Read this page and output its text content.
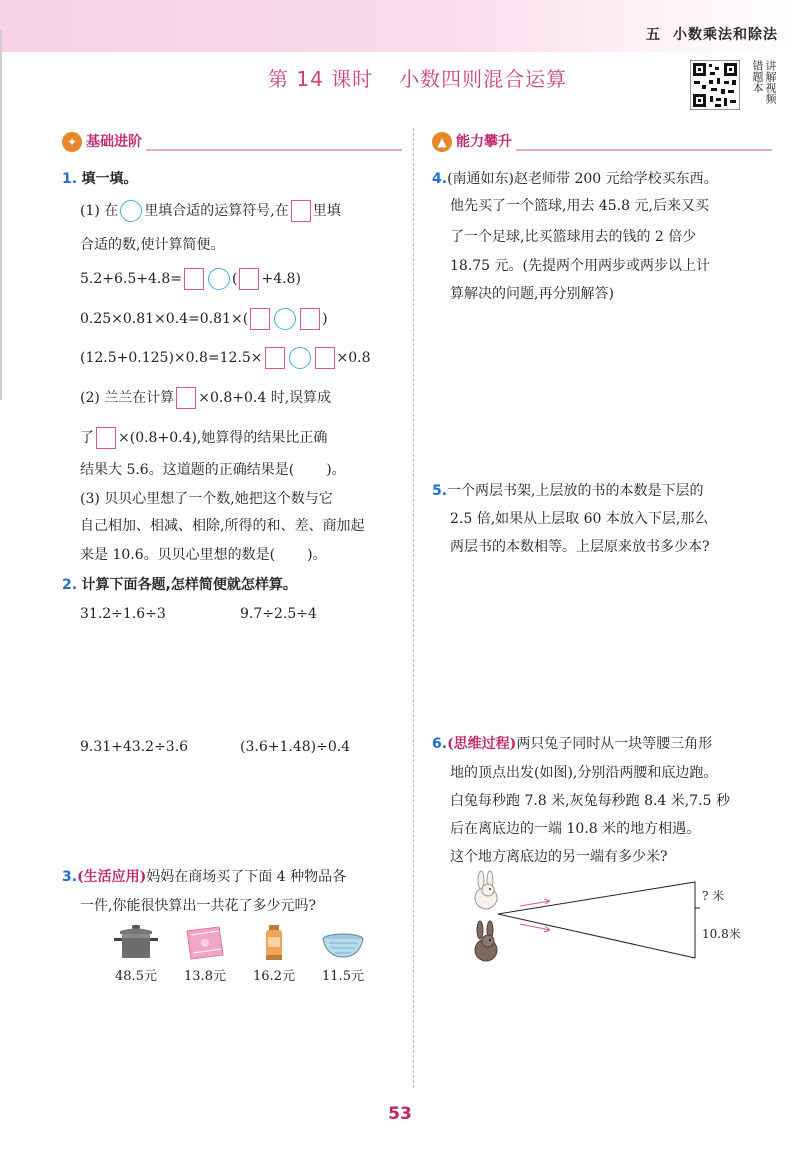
五 小数乘法和除法
第 14 课时 小数四则混合运算	讲解视频
错题本
✦ 基础进阶
1. 填一填。
(1) 在 里填合适的运算符号,在 里填
合适的数,使计算简便。
5.2+6.5+4.8=	( +4.8)
0.25×0.81×0.4=0.81×(	)
(12.5+0.125)×0.8=12.5×	×0.8
(2) 兰兰在计算 ×0.8+0.4 时,误算成
了 ×(0.8+0.4),她算得的结果比正确
结果大 5.6。这道题的正确结果是( )。
(3) 贝贝心里想了一个数,她把这个数与它
自己相加、相减、相除,所得的和、差、商加起
来是 10.6。贝贝心里想的数是( )。
2. 计算下面各题,怎样简便就怎样算。
31.2÷1.6÷3	9.7÷2.5÷4
9.31+43.2÷3.6	(3.6+1.48)÷0.4
3.(生活应用)妈妈在商场买了下面 4 种物品各
一件,你能很快算出一共花了多少元吗?
48.5元	13.8元	16.2元	11.5元
▲ 能力攀升
4.(南通如东)赵老师带 200 元给学校买东西。
他先买了一个篮球,用去 45.8 元,后来又买
了一个足球,比买篮球用去的钱的 2 倍少
18.75 元。(先提两个用两步或两步以上计
算解决的问题,再分别解答)
5.一个两层书架,上层放的书的本数是下层的
2.5 倍,如果从上层取 60 本放入下层,那么
两层书的本数相等。上层原来放书多少本?
6.(思维过程)两只兔子同时从一块等腰三角形
地的顶点出发(如图),分别沿两腰和底边跑。
白兔每秒跑 7.8 米,灰兔每秒跑 8.4 米,7.5 秒
后在离底边的一端 10.8 米的地方相遇。
这个地方离底边的另一端有多少米?
? 米
10.8米
53
